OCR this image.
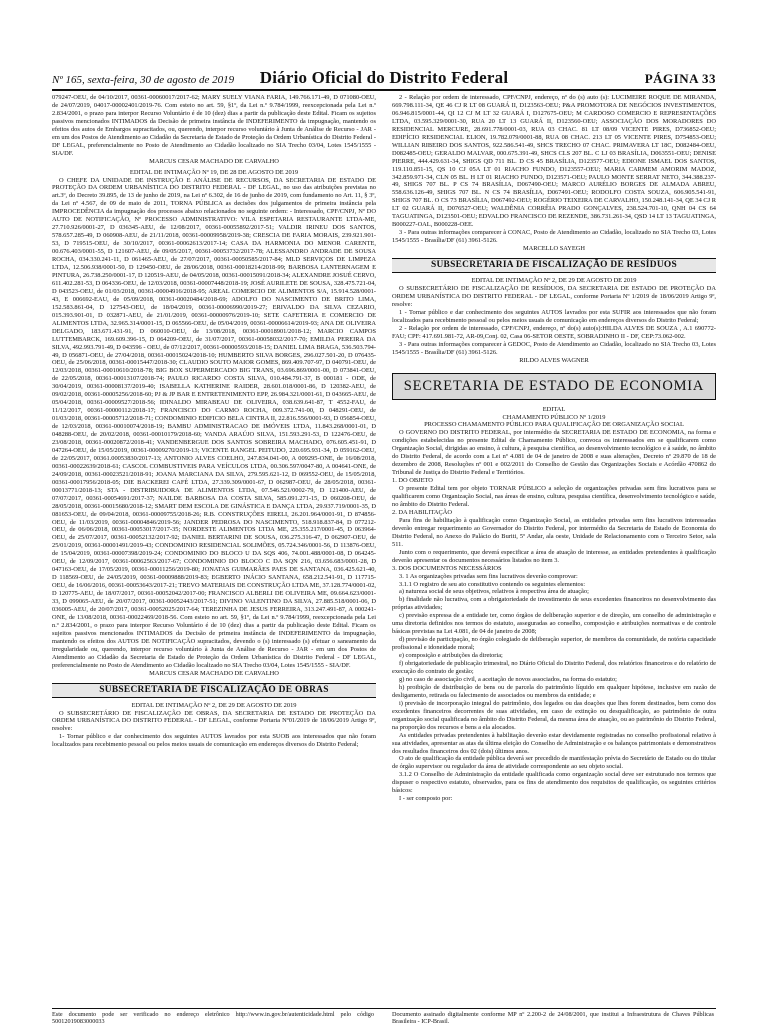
Nº 165, sexta-feira, 30 de agosto de 2019	Diário Oficial do Distrito Federal	PÁGINA 33

079247-OEU, de 04/10/2017, 00361-00060017/2017-62; MARY SUELY VIANA FARIA, 149.766.171-49, D 071080-OEU, de 24/07/2019, 04017-00002401/2019-76. Com esteio no art. 59, §1º, da Lei n.º 9.784/1999, reexcepcionada pela Lei n.º 2.834/2001, o prazo para interpor Recurso Voluntário é de 10 (dez) dias a partir da publicação deste Edital. Ficam os sujeitos passivos mencionados INTIMADOS da Decisão de primeira instância de INDEFERIMENTO da impugnação, mantendo os efeitos dos autos de Embargos supracitados, ou, querendo, interpor recurso voluntário à Junta de Análise de Recurso - JAR - em um dos Postos de Atendimento ao Cidadão da Secretaria de Estado de Proteção da Ordem Urbanística do Distrito Federal - DF LEGAL, preferencialmente no Posto de Atendimento ao Cidadão localizado no SIA Trecho 03/04, Lotes 1545/1555 - SIA/DF.

MARCUS CESAR MACHADO DE CARVALHO

EDITAL DE INTIMAÇÃO Nº 19, DE 28 DE AGOSTO DE 2019

O CHEFE DA UNIDADE DE INSTRUÇÃO E ANÁLISE DE RECURSOS, DA SECRETARIA DE ESTADO DE PROTEÇÃO DA ORDEM URBANÍSTICA DO DISTRITO FEDERAL - DF LEGAL, no uso das atribuições previstas no art.3º, do Decreto 39.895, de 13 de junho de 2019, na Lei nº 6.302, de 16 de junho de 2019, com fundamento no Art. 11, § 3º, da Lei nº 4.567, de 09 de maio de 2011, TORNA PÚBLICA as decisões dos julgamentos de primeira instância pela IMPROCEDÊNCIA da impugnação dos processos abaixo relacionados no seguinte ordem: - Interessado, CPF/CNPJ, Nº DO AUTO DE NOTIFICAÇÃO, Nº PROCESSO ADMINISTRATIVO: VILA ESPETARIA RESTAURANTE LTDA-ME, 27.710.926/0001-27, D 036345-AEU, de 12/08/2017, 00361-00055892/2017-51; VALDIR IRINEU DOS SANTOS, 578.657.285-49, D 060908-AEU, de 21/11/2018, 00361-00009958/2019-38; CRESCIA DE FARIA MORAIS, 239.921.901-53, D 719515-OEU, de 30/10/2017, 00361-00062613/2017-14; CASA DA HARMONIA DO MENOR CARENTE, 00.676.403/0001-55, D 121607-AEU, de 09/05/2017, 00361-00053732/2017-78; ALESSANDRO ANDRADE DE SOUSA ROCHA, 034.330.241-11, D 061465-AEU, de 27/07/2017, 00361-00050585/2017-84; MLD SERVIÇOS DE LIMPEZA LTDA, 12.506.938/0001-50, D 129450-OEU, de 28/06/2018, 00361-00018214/2018-99; BARBOSA LANTERNAGEM E PINTURA, 26.738.250/0001-17, D 120519-AEU, de 04/05/2018, 00361-00015091/2018-34; ALEXANDRE JOSUÉ CERVO, 611.402.281-53, D 064336-OEU, de 12/03/2018, 00361-00007448/2018-19; JOSÉ AURILETE DE SOUSA, 328.475.721-04, D 043523-OEU, de 01/03/2018, 00361-00004916/2018-95; AREAL COMERCIO DE ALIMENTOS S/A, 15.914.528/0001-43, E 006692-EAU, de 05/09/2018, 00361-00020484/2018-69; ADOLFO DO NASCIMENTO DE BRITO LIMA, 152.583.861-04, D 127543-OEU, de 18/04/2019, 00361-00006990/2019-27; ERIVALDO DA SILVA CEZARIO, 015.393.901-01, D 032871-AEU, de 21/01/2019, 00361-00000976/2019-10; SETE CAFETERIA E COMERCIO DE ALIMENTOS LTDA, 32.965.314/0001-15, D 065566-OEU, de 05/04/2019, 00361-00006614/2019-93; ANA DE OLIVEIRA DELGADO, 183.671.431-91, D 060010-OEU, de 13/08/2018, 00361-00018901/2018-12; MARCIO CAMPOS LUTTEMBARCK, 169.609.396-15, D 064209-OEU, de 31/07/2017, 00361-00058032/2017-70; EMILDA PEREIRA DA SILVA, 492.993.791-49, D 043596 - OEU, de 07/12/2017, 00361-00000593/2018-15; DANIEL LIMA BRAGA, 536.503.794-49, D 056871-OEU, de 27/04/2018, 00361-00015024/2018-10; HUMBERTO SILVA BORGES, 296.027.501-20, D 076435-OEU, de 25/06/2018, 00361-00015447/2018-30; CLAUDIO SOUTO MAIOR GOMES, 869.409.707-97, D 040791-OEU, de 12/03/2018, 00361-00010610/2018-78; BIG BOX SUPERMERCADO BIG TRANS, 03.696.869/0001-00, D 073841-OEU, de 22/05/2018, 00361-00013107/2018-74; PAULO RICARDO COSTA SILVA, 010.484.791-37, B 000181 - ODE, de 30/04/2019, 00361-00008137/2019-40; ISABELLA KATHERINE RAIDER, 28.601.018/0001-86, D 120382-AEU, de 09/02/2018, 00361-00005256/2018-60; PJ & JP BAR E ENTRETENIMENTO EPP, 26.984.321/0001-61, D 043665-AEU, de 05/04/2018, 00361-00009527/2018-56; IDINALDO MIRABEAU DE OLIVEIRA, 038.639.641-87, T 4552-FAU, de 11/12/2017, 00361-00000112/2018-17; FRANCISCO DO CARMO ROCHA, 009.372.741-00, D 048291-OEU, de 01/03/2018, 00361-00005712/2018-71; CONDOMINIO EDIFICIO BELA CINTRA II, 22.816.556/0001-93, D 056854-OEU, de 12/03/2018, 00361-00010074/2018-19; BAMBU ADMINISTRACAO DE IMÓVEIS LTDA, 11.843.268/0001-01, D 048288-OEU, de 20/02/2018, 00361-00010179/2018-60; VANDA ARAÚJO SILVA, 151.593.291-53, D 122476-OEU, de 23/08/2018, 00361-00020872/2018-41; VANDENBERGUE DOS SANTOS SOBREIRA MACHADO, 076.605.451-91, D 047264-OEU, de 15/05/2019, 00361-00009270/2019-13; VICENTE RANGEL PEITUDO, 220.695.931-34, D 059162-OEU, de 22/05/2017, 00361.00053830/2017-13; ANTONIO ALVES COELHO, 247.834.041-00, A 009295-ONE, de 16/08/2018, 00361-00022639/2018-61; CASCOL COMBUSTIVEIS PARA VEÍCULOS LTDA, 00.306.597/0047-80, A 004641-ONE, de 24/09/2018, 00361-00023521/2018-91; JOANA MARCIANA DA SILVA, 279.595.621-12, D 069552-OEU, de 15/05/2018, 00361-00017956/2018-05; DIE BACKEREI CAFÉ LTDA, 27.339.309/0001-67, D 062987-OEU, de 28/05/2018, 00361-00013771/2018-13; STA - DISTRIBUIDORA DE ALIMENTOS LTDA, 07.546.521/0002-79, D 121400-AEU, de 07/07/2017, 00361-00054691/2017-37; NAILDE BARBOSA DA COSTA SILVA, 585.091.271-15, D 060208-OEU, de 28/05/2018, 00361-00015680/2018-12; SMART DEM ESCOLA DE GINÁSTICA E DANÇA LTDA, 29.937.719/0001-35, D 081653-OEU, de 09/04/2018, 00361-00009755/2018-26; R.B. CONSTRUÇÕES EIRELI, 26.201.964/0001-91, D 874856-OEU, de 11/03/2019, 00361-00004846/2019-56; JANDER PEDROSA DO NASCIMENTO, 518.918.837-84, D 077212-OEU, de 06/06/2018, 00361-00053017/2017-35; NORDESTE ALIMENTOS LTDA ME, 25.355.217/0001-45, D 063964-OEU, de 25/07/2017, 00361-00052132/2017-92; DANIEL BERTARINI DE SOUSA, 036.275.316-47, D 062907-OEU, de 25/01/2019, 00361-00001491/2019-43; CONDOMINIO RESIDENCIAL SOLIMÕES, 05.724.346/0001-56, D 113876-OEU, de 15/04/2019, 00361-00007398/2019-24; CONDOMINIO DO BLOCO U DA SQS 406, 74.001.488/0001-08, D 064245-OEU, de 12/09/2017, 00361-00062563/2017-67; CONDOMINIO DO BLOCO C DA SQN 216, 03.656.683/0001-28, D 047163-OEU, de 17/05/2019, 00361-00011256/2019-80; JONATAS GUIMARÃES PAES DE SANTANA, 036.425.621-40, D 118569-OEU, de 24/05/2019, 00361-00009888/2019-83; EGBERTO INÁCIO SANTANA, 658.212.541-91, D 117715-OEU, de 16/06/2016, 00361-00053643/2017-21; TREVO MATERIAIS DE CONSTRUÇÃO LTDA ME, 37.128.774/0001-02, D 120775-AEU, de 18/07/2017, 00361-00052042/2017-00; FRANCISCO ALBERLI DE OLIVEIRA ME, 09.664.623/0001-33, D 099065-AEU, de 20/07/2017, 00361-00052443/2017-51; DIVINO VALENTINO DA SILVA, 27.885.518/0001-06, D 036005-AEU, de 20/07/2017, 00361-00052025/2017-64; TEREZINHA DE JESUS FERREIRA, 313.247.491-87, A 000241-ONE, de 13/08/2018, 00361-00022469/2018-56. Com esteio no art. 59, §1º, da Lei n.º 9.784/1999, reexcepcionada pela Lei n.º 2.834/2001, o prazo para interpor Recurso Voluntário é de 10 (dez) dias a partir da publicação deste Edital. Ficam os sujeitos passivos mencionados INTIMADOS da Decisão de primeira instância de INDEFERIMENTO da impugnação, mantendo os efeitos dos AUTOS DE NOTIFICAÇÃO supracitados, devendo o (s) interessado (s) efetuar o saneamento da irregularidade ou, querendo, interpor recurso voluntário à Junta de Análise de Recurso - JAR - em um dos Postos de Atendimento ao Cidadão da Secretaria de Estado de Proteção da Ordem Urbanística do Distrito Federal - DF LEGAL, preferencialmente no Posto de Atendimento ao Cidadão localizado no SIA Trecho 03/04, Lotes 1545/1555 - SIA/DF.

MARCUS CESAR MACHADO DE CARVALHO

SUBSECRETARIA DE FISCALIZAÇÃO DE OBRAS

EDITAL DE INTIMAÇÃO Nº 2, DE 29 DE AGOSTO DE 2019

O SUBSECRETÁRIO DE FISCALIZAÇÃO DE OBRAS, DA SECRETARIA DE ESTADO DE PROTEÇÃO DA ORDEM URBANÍSTICA DO DISTRITO FEDERAL - DF LEGAL, conforme Portaria Nº01/2019 de 18/06/2019 Artigo 9º, resolve:

1- Tornar público e dar conhecimento dos seguintes AUTOS lavrados por esta SUOB aos interessados que não foram localizados para recebimento pessoal ou pelos meios usuais de comunicação em endereços diversos do Distrito Federal;

2 - Relação por ordem de interessado, CPF/CNPJ, endereço, nº do (s) auto (s): LUCIMEIRE ROQUE DE MIRANDA, 669.798.111-34, QE 46 CJ R LT 08 GUARÁ II, D123563-OEU; P&A PROMOTORA DE NEGÓCIOS INVESTIMENTOS, 06.946.815/0001-44, QI 12 CJ M LT 32 GUARÁ I, D127675-OEU; M CARDOSO COMERCIO E REPRESENTAÇÕES LTDA, 03.595.329/0001-30, RUA 20 LT 13 GUARÁ II, D123560-OEU; ASSOCIAÇÃO DOS MORADORES DO RESIDENCIAL MERCURE, 28.691.778/0001-03, RUA 03 CHAC. 81 LT 08/09 VICENTE PIRES, D736852-OEU; EDIFÍCIO RESIDENCIAL ELION, 19.782.079/0001-88, RUA 08 CHAC. 213 LT 05 VICENTE PIRES, D754853-OEU; WILLIAN RIBEIRO DOS SANTOS, 922.586.541-49, SHCS TRECHO 07 CHAC. PRIMAVERA LT 18C, D082484-OEU, D082485-OEU; GERALDO MALVAR, 000.675.391-49, SHCS CLS 207 BL. C LJ 03 BRASÍLIA, D063551-OEU; DENISE PIERRE, 444.429.631-34, SHIGS QD 711 BL. D CS 45 BRASÍLIA, D123577-OEU; EDIONE ISMAEL DOS SANTOS, 119.110.851-15, QS 10 CJ 05A LT 01 RIACHO FUNDO, D123557-OEU; MARIA CARMEM AMORIM MADOZ, 342.859.971-34, CLN 05 BL. H LT 01 RIACHO FUNDO, D123571-OEU; PAULO MONTE SERRAT NETO, 344.388.237-49, SHIGS 707 BL. P CS 74 BRASÍLIA, D067490-OEU; MARCO AURÉLIO BORGES DE ALMADA ABREU, 558.636.126-49, SHIGS 707 BL. N CS 74 BRASÍLIA, D067491-OEU; RODOLFO COSTA SOUZA, 606.905.541-91, SHIGS 707 BL. O CS 73 BRASÍLIA, D067492-OEU; ROGÉRIO TEIXEIRA DE CARVALHO, 150.248.141-34, QE 34 CJ R LT 02 GUARÁ II, D076527-OEU; WALDÊNIA CORRÊIA PRADO GONÇALVES, 238.524.701-10, QNH 04 CS 64 TAGUATINGA, D123501-OEU; EDVALDO FRANCISCO DE REZENDE, 386.731.261-34, QSD 14 LT 13 TAGUATINGA, B000227-OAL, B000228-OEE.

3 - Para outras informações comparecer à CONAC, Posto de Atendimento ao Cidadão, localizado no SIA Trecho 03, Lotes 1545/1555 - Brasília/DF (61) 3961-5126.

MARCELLO SAYEGH

SUBSECRETARIA DE FISCALIZAÇÃO DE RESÍDUOS

EDITAL DE INTIMAÇÃO Nº 2, DE 29 DE AGOSTO DE 2019

O SUBSECRETÁRIO DE FISCALIZAÇÃO DE RESÍDUOS, DA SECRETARIA DE ESTADO DE PROTEÇÃO DA ORDEM URBANÍSTICA DO DISTRITO FEDERAL - DF LEGAL, conforme Portaria Nº 1/2019 de 18/06/2019 Artigo 9º, resolve:

1 - Tornar público e dar conhecimento dos seguintes AUTOS lavrados por esta SUFIR aos interessados que não foram localizados para recebimento pessoal ou pelos meios usuais de comunicação em endereços diversos do Distrito Federal;

2 - Relação por ordem de interessado, CPF/CNPJ, endereço, nº do(s) auto(s):HILDA ALVES DE SOUZA , A.1 690772-FAU; CPF: 417.691.981-72, AR-09,Conj. 02, Casa 06-SETOR OESTE, SOBRADINHO II - DF, CEP:73.062-002.

3 - Para outras informações comparecer à GEDOC, Posto de Atendimento ao Cidadão, localizado no SIA Trecho 03, Lotes 1545/1555 - Brasília/DF (61) 3961-5126.

RILDO ALVES WAGNER

SECRETARIA DE ESTADO DE ECONOMIA

EDITAL

CHAMAMENTO PÚBLICO Nº 1/2019

PROCESSO CHAMAMENTO PÚBLICO PARA QUALIFICAÇÃO DE ORGANIZAÇÃO SOCIAL

O GOVERNO DO DISTRITO FEDERAL, por intermédio da SECRETARIA DE ESTADO DE ECONOMIA, na forma e condições estabelecidas no presente Edital de Chamamento Público, convoca os interessados em se qualificarem como Organização Social, dirigidas ao ensino, à cultura, à pesquisa científica, ao desenvolvimento tecnológico e à saúde, no âmbito do Distrito Federal, de acordo com a Lei nº 4.081 de 04 de janeiro de 2008 e suas alterações, Decreto nº 29.870 de 18 de dezembro de 2008, Resoluções nº 001 e 002/2011 do Conselho de Gestão das Organizações Sociais e Acórdão 470862 do Tribunal de Justiça do Distrito Federal e Territórios.

1. DO OBJETO

O presente Edital tem por objeto TORNAR PÚBLICO a seleção de organizações privadas sem fins lucrativos para se qualificarem como Organização Social, nas áreas de ensino, cultura, pesquisa científica, desenvolvimento tecnológico e saúde, no âmbito do Distrito Federal.

2. DA HABILITAÇÃO

Para fins de habilitação à qualificação como Organização Social, as entidades privadas sem fins lucrativos interessadas deverão entregar requerimento ao Governador do Distrito Federal, por intermédio da Secretaria de Estado de Economia do Distrito Federal, no Anexo do Palácio do Buriti, 5º Andar, ala oeste, Unidade de Relacionamento com o Terceiro Setor, sala 511.

Junto com o requerimento, que deverá especificar a área de atuação de interesse, as entidades pretendentes à qualificação deverão apresentar os documentos necessários listados no item 3.

3. DOS DOCUMENTOS NECESSÁRIOS

3. 1 As organizações privadas sem fins lucrativos deverão comprovar:

3.1.1 O registro de seu ato constitutivo contendo os seguintes elementos:

a) natureza social de seus objetivos, relativos à respectiva área de atuação;

b) finalidade não lucrativa, com a obrigatoriedade de investimento de seus excedentes financeiros no desenvolvimento das próprias atividades;

c) previsão expressa de a entidade ter, como órgãos de deliberação superior e de direção, um conselho de administração e uma diretoria definidos nos termos do estatuto, asseguradas ao conselho, composição e atribuições normativas e de controle básicas previstas na Lei 4.081, de 04 de janeiro de 2008;

d) previsão de participação, no órgão colegiado de deliberação superior, de membros da comunidade, de notória capacidade profissional e idoneidade moral;

e) composição e atribuições da diretoria;

f) obrigatoriedade de publicação trimestral, no Diário Oficial do Distrito Federal, dos relatórios financeiros e do relatório de execução do contrato de gestão;

g) no caso de associação civil, a aceitação de novos associados, na forma do estatuto;

h) proibição de distribuição de bens ou de parcela do patrimônio líquido em qualquer hipótese, inclusive em razão de desligamento, retirada ou falecimento de associados ou membros da entidade; e

i) previsão de incorporação integral do patrimônio, dos legados ou das doações que lhes forem destinados, bem como dos excedentes financeiros decorrentes de suas atividades, em caso de extinção ou desqualificação, ao patrimônio de outra organização social qualificada no âmbito do Distrito Federal, da mesma área de atuação, ou ao patrimônio do Distrito Federal, na proporção dos recursos e bens a ela alocados.

As entidades privadas pretendentes à habilitação deverão estar devidamente registradas no conselho profissional relativo à sua atividades, apresentar as atas da última eleição do Conselho de Administração e os balanços patrimoniais e demonstrativos dos resultados financeiros dos 02 (dois) últimos anos.

O ato de qualificação da entidade pública deverá ser precedido de manifestação prévia do Secretário de Estado ou do titular de órgão supervisor ou regulador da área de atividade correspondente ao seu objeto social.

3.1.2 O Conselho de Administração da entidade qualificada como organização social deve ser estruturado nos termos que dispuser o respectivo estatuto, observados, para os fins de atendimento dos requisitos de qualificação, os seguintes critérios básicos:

I - ser composto por:

Este documento pode ser verificado no endereço eletrônico http://www.in.gov.br/autenticidade.html pelo código 50012019083000033
Documento assinado digitalmente conforme MP nº 2.200-2 de 24/08/2001, que institui a Infraestrutura de Chaves Públicas Brasileira - ICP-Brasil.
